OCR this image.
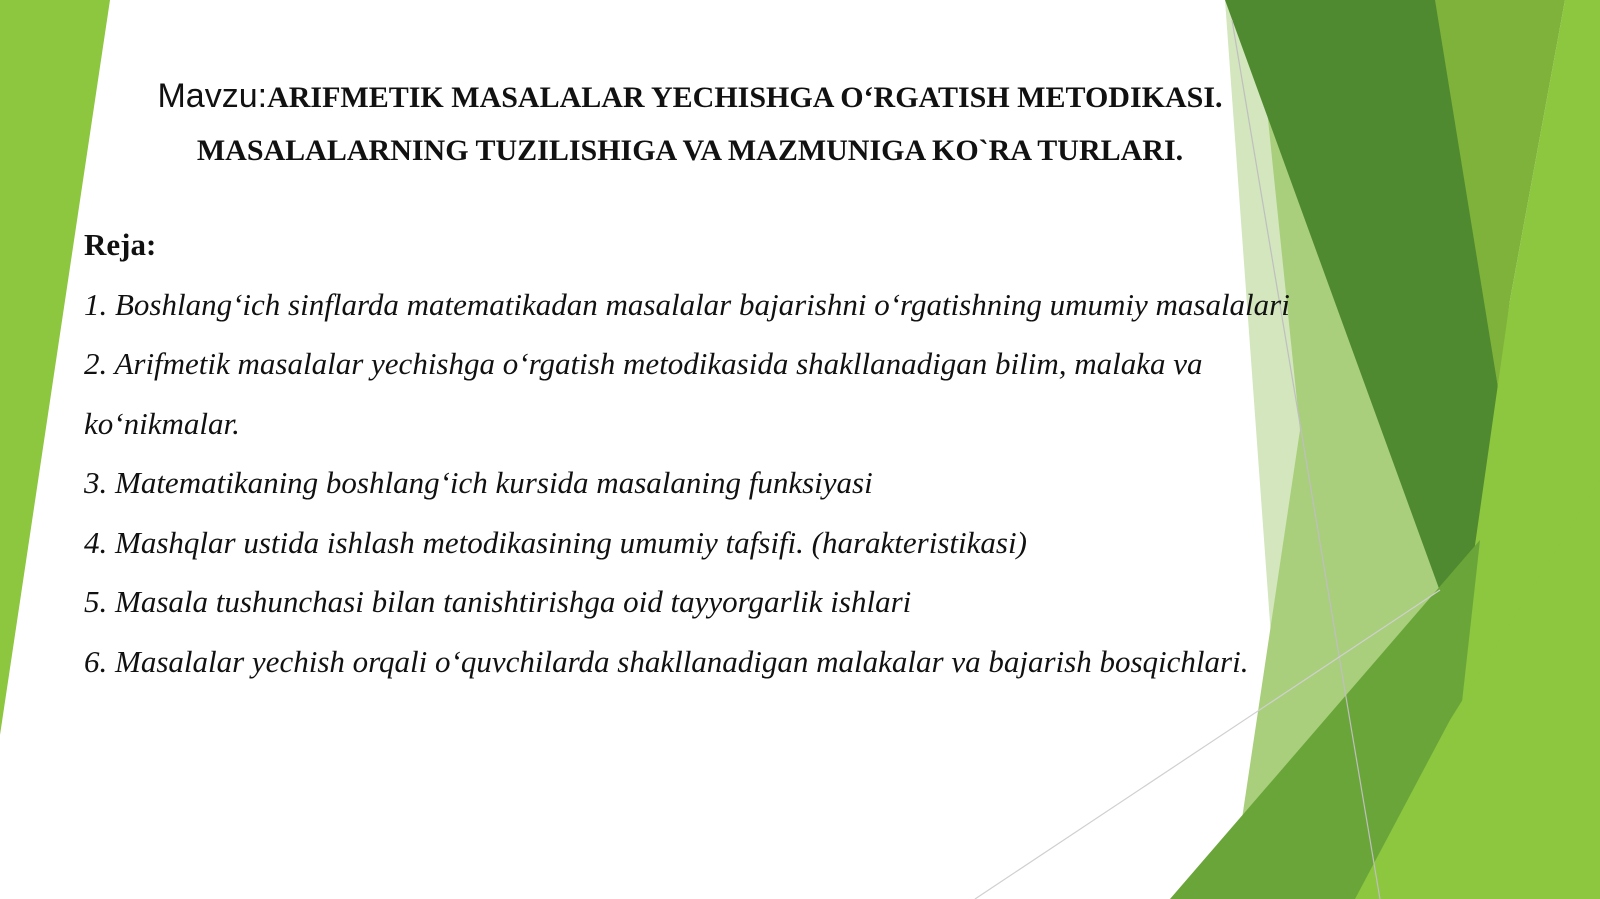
Mavzu:ARIFMETIK MASALALAR YECHISHGA O‘RGATISH METODIKASI.
MASALALARNING TUZILISHIGA VA MAZMUNIGA KO`RA TURLARI.
Reja:
1. Boshlang‘ich sinflarda matematikadan masalalar bajarishni o‘rgatishning umumiy masalalari
2. Arifmetik masalalar yechishga o‘rgatish metodikasida shakllanadigan bilim, malaka va ko‘nikmalar.
3. Matematikaning boshlang‘ich kursida masalaning funksiyasi
4. Mashqlar ustida ishlash metodikasining umumiy tafsifi. (harakteristikasi)
5. Masala tushunchasi bilan tanishtirishga oid tayyorgarlik ishlari
6. Masalalar yechish orqali o‘quvchilarda shakllanadigan malakalar va bajarish bosqichlari.
